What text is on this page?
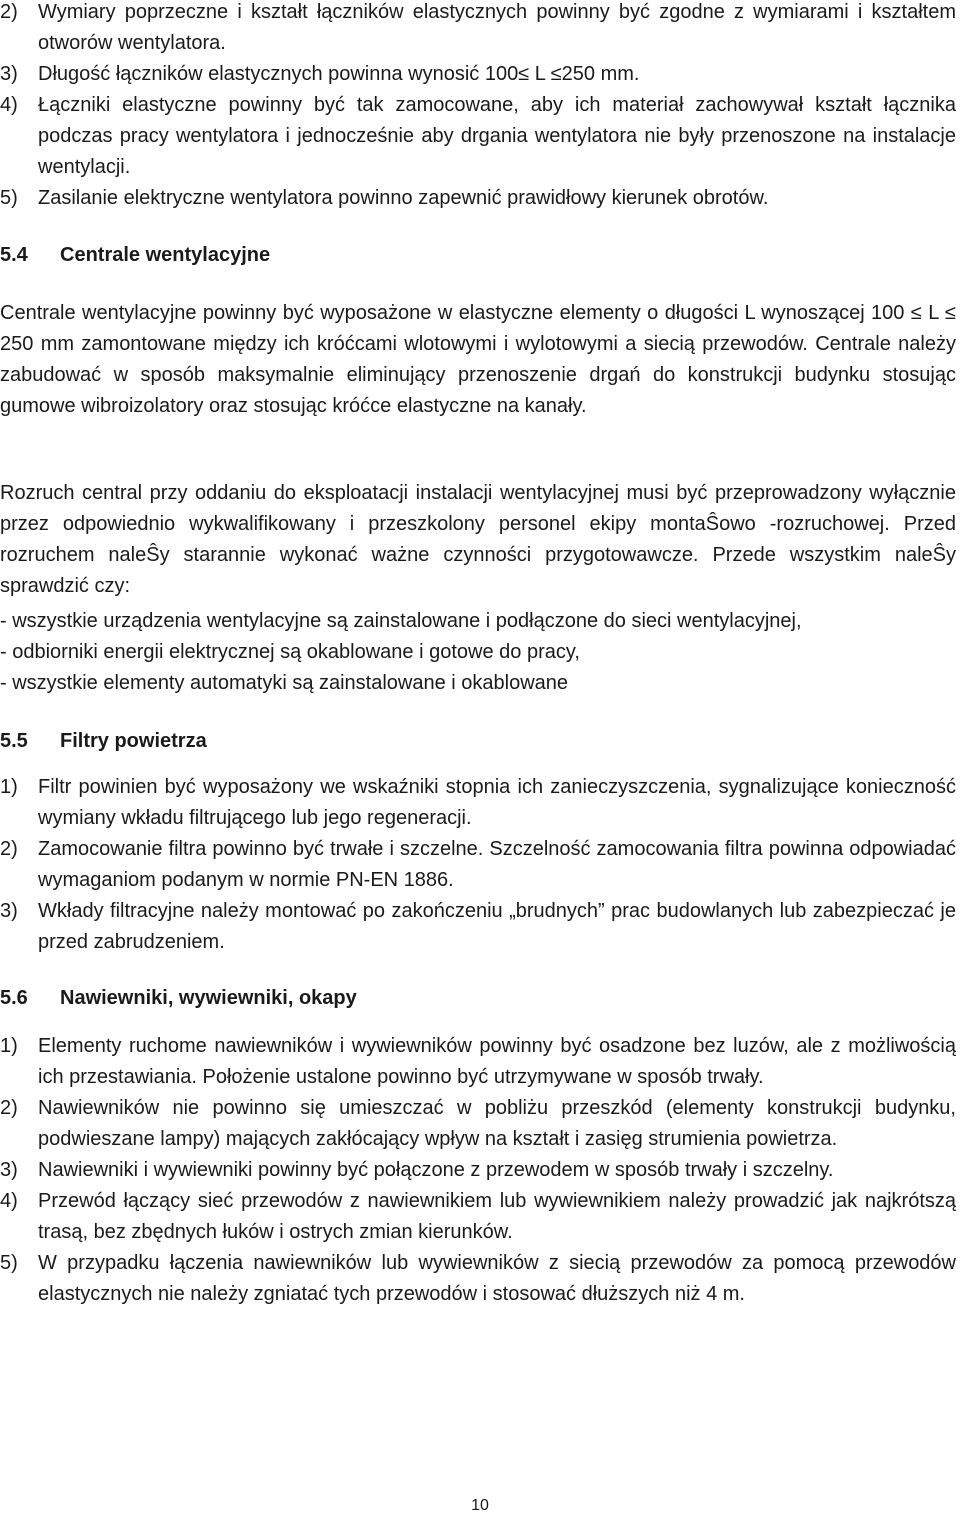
2)	Wymiary poprzeczne i kształt łączników elastycznych powinny być zgodne z wymiarami i kształtem otworów wentylatora.
3)	Długość łączników elastycznych powinna wynosić 100≤ L ≤250 mm.
4)	Łączniki elastyczne powinny być tak zamocowane, aby ich materiał zachowywał kształt łącznika podczas pracy wentylatora i jednocześnie aby drgania wentylatora nie były przenoszone na instalacje wentylacji.
5)	Zasilanie elektryczne wentylatora powinno zapewnić prawidłowy kierunek obrotów.
5.4	Centrale wentylacyjne

Centrale wentylacyjne powinny być wyposażone w elastyczne elementy o długości L wynoszącej 100 ≤ L ≤ 250 mm zamontowane między ich króćcami wlotowymi i wylotowymi a siecią przewodów. Centrale należy zabudować w sposób maksymalnie eliminujący przenoszenie drgań do konstrukcji budynku stosując gumowe wibroizolatory oraz stosując króćce elastyczne na kanały.

Rozruch central przy oddaniu do eksploatacji instalacji wentylacyjnej musi być przeprowadzony wyłącznie przez odpowiednio wykwalifikowany i przeszkolony personel ekipy montaŜowo -rozruchowej. Przed rozruchem naleŜy starannie wykonać ważne czynności przygotowawcze. Przede wszystkim naleŜy sprawdzić czy:

- wszystkie urządzenia wentylacyjne są zainstalowane i podłączone do sieci wentylacyjnej,
- odbiorniki energii elektrycznej są okablowane i gotowe do pracy,
- wszystkie elementy automatyki są zainstalowane i okablowane
5.5	Filtry powietrza
1)	Filtr powinien być wyposażony we wskaźniki stopnia ich zanieczyszczenia, sygnalizujące konieczność wymiany wkładu filtrującego lub jego regeneracji.
2)	Zamocowanie filtra powinno być trwałe i szczelne. Szczelność zamocowania filtra powinna odpowiadać wymaganiom podanym w normie PN-EN 1886.
3)	Wkłady filtracyjne należy montować po zakończeniu „brudnych” prac budowlanych lub zabezpieczać je przed zabrudzeniem.
5.6	Nawiewniki, wywiewniki, okapy
1)	Elementy ruchome nawiewników i wywiewników powinny być osadzone bez luzów, ale z możliwością ich przestawiania. Położenie ustalone powinno być utrzymywane w sposób trwały.
2)	Nawiewników nie powinno się umieszczać w pobliżu przeszkód (elementy konstrukcji budynku, podwieszane lampy) mających zakłócający wpływ na kształt i zasięg strumienia powietrza.
3)	Nawiewniki i wywiewniki powinny być połączone z przewodem w sposób trwały i szczelny.
4)	Przewód łączący sieć przewodów z nawiewnikiem lub wywiewnikiem należy prowadzić jak najkrótszą trasą, bez zbędnych łuków i ostrych zmian kierunków.
5)	W przypadku łączenia nawiewników lub wywiewników z siecią przewodów za pomocą przewodów elastycznych nie należy zgniatać tych przewodów i stosować dłuższych niż 4 m.
10
